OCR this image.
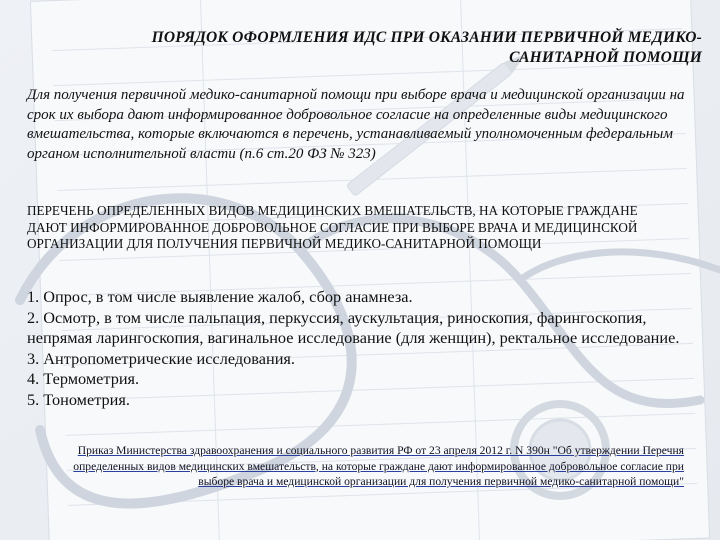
ПОРЯДОК ОФОРМЛЕНИЯ ИДС ПРИ ОКАЗАНИИ ПЕРВИЧНОЙ МЕДИКО-САНИТАРНОЙ ПОМОЩИ
Для получения первичной медико-санитарной помощи при выборе врача и медицинской организации на срок их выбора дают информированное добровольное согласие на определенные виды медицинского вмешательства, которые включаются в перечень, устанавливаемый уполномоченным федеральным органом исполнительной власти (п.6 ст.20 ФЗ № 323)
ПЕРЕЧЕНЬ ОПРЕДЕЛЕННЫХ ВИДОВ МЕДИЦИНСКИХ ВМЕШАТЕЛЬСТВ, НА КОТОРЫЕ ГРАЖДАНЕ ДАЮТ ИНФОРМИРОВАННОЕ ДОБРОВОЛЬНОЕ СОГЛАСИЕ ПРИ ВЫБОРЕ ВРАЧА И МЕДИЦИНСКОЙ ОРГАНИЗАЦИИ ДЛЯ ПОЛУЧЕНИЯ ПЕРВИЧНОЙ МЕДИКО-САНИТАРНОЙ ПОМОЩИ
1. Опрос, в том числе выявление жалоб, сбор анамнеза.
2. Осмотр, в том числе пальпация, перкуссия, аускультация, риноскопия, фарингоскопия, непрямая ларингоскопия, вагинальное исследование (для женщин), ректальное исследование.
3. Антропометрические исследования.
4. Термометрия.
5. Тонометрия.
Приказ Министерства здравоохранения и социального развития РФ от 23 апреля 2012 г. N 390н "Об утверждении Перечня определенных видов медицинских вмешательств, на которые граждане дают информированное добровольное согласие при выборе врача и медицинской организации для получения первичной медико-санитарной помощи"
